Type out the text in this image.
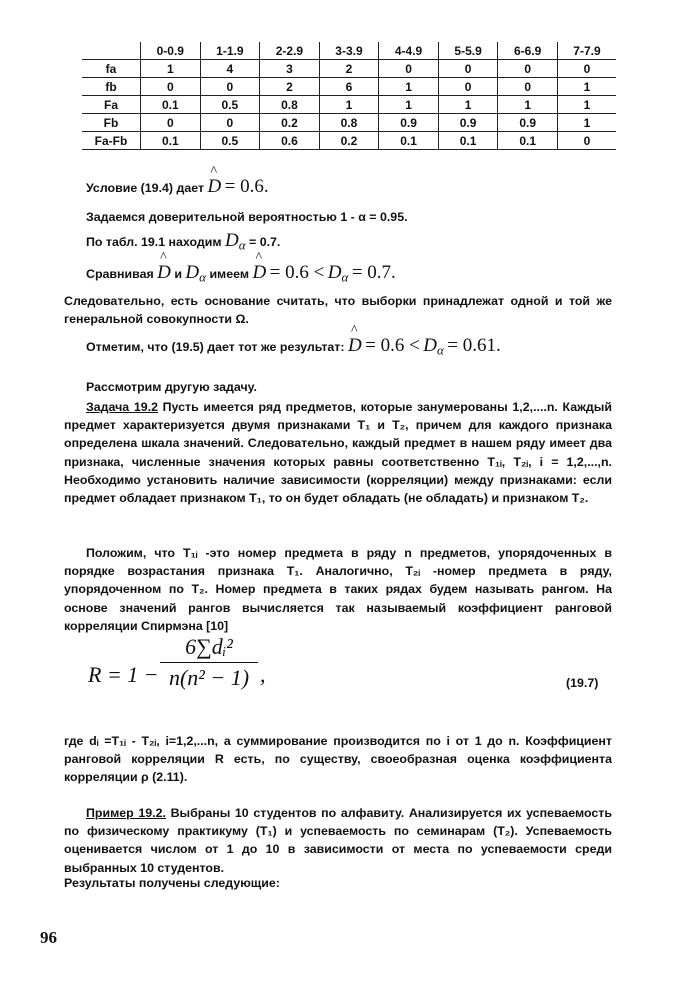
	0-0.9	1-1.9	2-2.9	3-3.9	4-4.9	5-5.9	6-6.9	7-7.9
fa	1	4	3	2	0	0	0	0
fb	0	0	2	6	1	0	0	1
Fa	0.1	0.5	0.8	1	1	1	1	1
Fb	0	0	0.2	0.8	0.9	0.9	0.9	1
Fa-Fb	0.1	0.5	0.6	0.2	0.1	0.1	0.1	0
Условие (19.4) дает ^ D = 0.6.
Задаемся доверительной вероятностью 1 - α = 0.95.
По табл. 19.1 находим $D_\alpha = 0.7$.
Сравнивая ^ D и $D_\alpha$ имеем ^ $D = 0.6 < D_\alpha = 0.7$.
Следовательно, есть основание считать, что выборки принадлежат одной и той же генеральной совокупности Ω.
Отметим, что (19.5) дает тот же результат: ^ $D = 0.6 < D_\alpha = 0.61$.
Рассмотрим другую задачу.
Задача 19.2 Пусть имеется ряд предметов, которые занумерованы 1,2,....n. Каждый предмет характеризуется двумя признаками T₁ и T₂, причем для каждого признака определена шкала значений. Следовательно, каждый предмет в нашем ряду имеет два признака, численные значения которых равны соответственно T₁ᵢ, T₂ᵢ, i = 1,2,...,n. Необходимо установить наличие зависимости (корреляции) между признаками: если предмет обладает признаком T₁, то он будет обладать (не обладать) и признаком T₂.
Положим, что T₁ᵢ -это номер предмета в ряду n предметов, упорядоченных в порядке возрастания признака T₁. Аналогично, T₂ᵢ -номер предмета в ряду, упорядоченном по T₂. Номер предмета в таких рядах будем называть рангом. На основе значений рангов вычисляется так называемый коэффициент ранговой корреляции Спирмэна [10]
$R = 1 - \frac{\text{6∑dᵢ²}}{\text{n(n² − 1)}}$ ,	(19.7)
где dᵢ =T₁ᵢ - T₂ᵢ, i=1,2,...n, а суммирование производится по i от 1 до n. Коэффициент ранговой корреляции R есть, по существу, своеобразная оценка коэффициента корреляции ρ (2.11).
Пример 19.2. Выбраны 10 студентов по алфавиту. Анализируется их успеваемость по физическому практикуму (T₁) и успеваемость по семинарам (T₂). Успеваемость оценивается числом от 1 до 10 в зависимости от места по успеваемости среди выбранных 10 студентов.
Результаты получены следующие:
96
